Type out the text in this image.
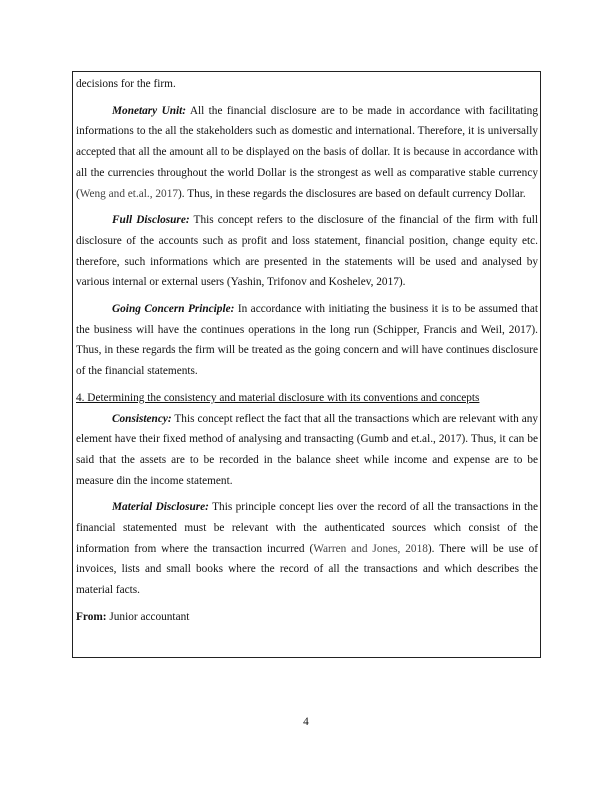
decisions for the firm.

Monetary Unit: All the financial disclosure are to be made in accordance with facilitating informations to the all the stakeholders such as domestic and international. Therefore, it is universally accepted that all the amount all to be displayed on the basis of dollar. It is because in accordance with all the currencies throughout the world Dollar is the strongest as well as comparative stable currency (Weng and et.al., 2017). Thus, in these regards the disclosures are based on default currency Dollar.

Full Disclosure: This concept refers to the disclosure of the financial of the firm with full disclosure of the accounts such as profit and loss statement, financial position, change equity etc. therefore, such informations which are presented in the statements will be used and analysed by various internal or external users (Yashin, Trifonov and Koshelev, 2017).

Going Concern Principle: In accordance with initiating the business it is to be assumed that the business will have the continues operations in the long run (Schipper, Francis and Weil, 2017). Thus, in these regards the firm will be treated as the going concern and will have continues disclosure of the financial statements.

4. Determining the consistency and material disclosure with its conventions and concepts

Consistency: This concept reflect the fact that all the transactions which are relevant with any element have their fixed method of analysing and transacting (Gumb and et.al., 2017). Thus, it can be said that the assets are to be recorded in the balance sheet while income and expense are to be measure din the income statement.

Material Disclosure: This principle concept lies over the record of all the transactions in the financial statemented must be relevant with the authenticated sources which consist of the information from where the transaction incurred (Warren and Jones, 2018). There will be use of invoices, lists and small books where the record of all the transactions and which describes the material facts.

From: Junior accountant

4
